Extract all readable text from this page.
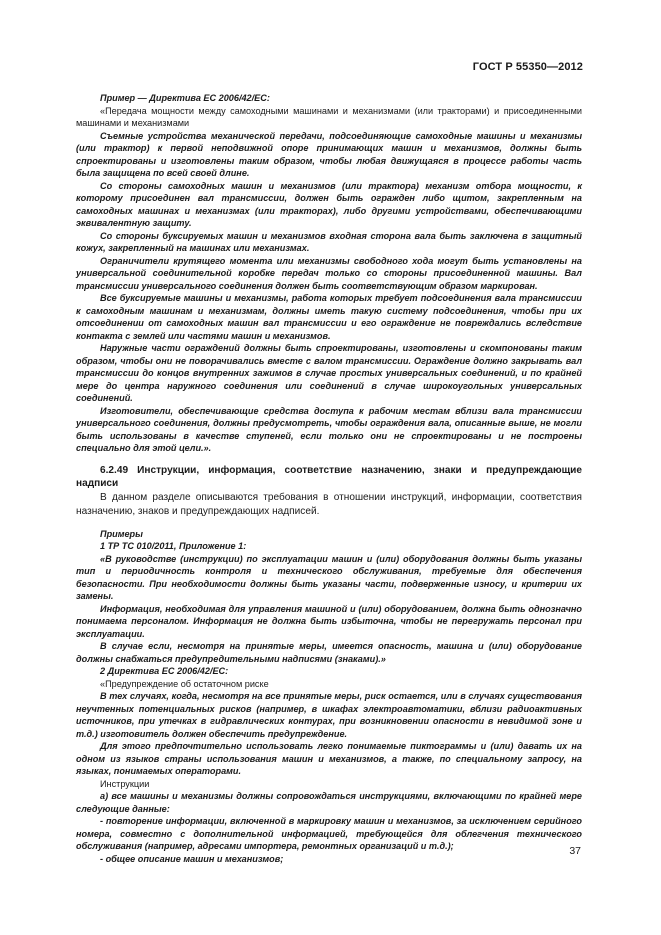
ГОСТ Р 55350—2012

Пример — Директива ЕС 2006/42/EC:

«Передача мощности между самоходными машинами и механизмами (или тракторами) и присоединенными машинами и механизмами

Съемные устройства механической передачи, подсоединяющие самоходные машины и механизмы (или трактор) к первой неподвижной опоре принимающих машин и механизмов, должны быть спроектированы и изготовлены таким образом, чтобы любая движущаяся в процессе работы часть была защищена по всей своей длине.

Со стороны самоходных машин и механизмов (или трактора) механизм отбора мощности, к которому присоединен вал трансмиссии, должен быть огражден либо щитом, закрепленным на самоходных машинах и механизмах (или тракторах), либо другими устройствами, обеспечивающими эквивалентную защиту.

Со стороны буксируемых машин и механизмов входная сторона вала быть заключена в защитный кожух, закрепленный на машинах или механизмах.

Ограничители крутящего момента или механизмы свободного хода могут быть установлены на универсальной соединительной коробке передач только со стороны присоединенной машины. Вал трансмиссии универсального соединения должен быть соответствующим образом маркирован.

Все буксируемые машины и механизмы, работа которых требует подсоединения вала трансмиссии к самоходным машинам и механизмам, должны иметь такую систему подсоединения, чтобы при их отсоединении от самоходных машин вал трансмиссии и его ограждение не повреждались вследствие контакта с землей или частями машин и механизмов.

Наружные части ограждений должны быть спроектированы, изготовлены и скомпонованы таким образом, чтобы они не поворачивались вместе с валом трансмиссии. Ограждение должно закрывать вал трансмиссии до концов внутренних зажимов в случае простых универсальных соединений, и по крайней мере до центра наружного соединения или соединений в случае широкоугольных универсальных соединений.

Изготовители, обеспечивающие средства доступа к рабочим местам вблизи вала трансмиссии универсального соединения, должны предусмотреть, чтобы ограждения вала, описанные выше, не могли быть использованы в качестве ступеней, если только они не спроектированы и не построены специально для этой цели.».

6.2.49 Инструкции, информация, соответствие назначению, знаки и предупреждающие надписи

В данном разделе описываются требования в отношении инструкций, информации, соответствия назначению, знаков и предупреждающих надписей.

Примеры

1 ТР ТС 010/2011, Приложение 1:

«В руководстве (инструкции) по эксплуатации машин и (или) оборудования должны быть указаны тип и периодичность контроля и технического обслуживания, требуемые для обеспечения безопасности. При необходимости должны быть указаны части, подверженные износу, и критерии их замены.

Информация, необходимая для управления машиной и (или) оборудованием, должна быть однозначно понимаема персоналом. Информация не должна быть избыточна, чтобы не перегружать персонал при эксплуатации.

В случае если, несмотря на принятые меры, имеется опасность, машина и (или) оборудование должны снабжаться предупредительными надписями (знаками).»

2 Директива ЕС 2006/42/EC:

«Предупреждение об остаточном риске

В тех случаях, когда, несмотря на все принятые меры, риск остается, или в случаях существования неучтенных потенциальных рисков (например, в шкафах электроавтоматики, вблизи радиоактивных источников, при утечках в гидравлических контурах, при возникновении опасности в невидимой зоне и т.д.) изготовитель должен обеспечить предупреждение.

Для этого предпочтительно использовать легко понимаемые пиктограммы и (или) давать их на одном из языков страны использования машин и механизмов, а также, по специальному запросу, на языках, понимаемых операторами.

Инструкции

а) все машины и механизмы должны сопровождаться инструкциями, включающими по крайней мере следующие данные:

- повторение информации, включенной в маркировку машин и механизмов, за исключением серийного номера, совместно с дополнительной информацией, требующейся для облегчения технического обслуживания (например, адресами импортера, ремонтных организаций и т.д.);

- общее описание машин и механизмов;

37
